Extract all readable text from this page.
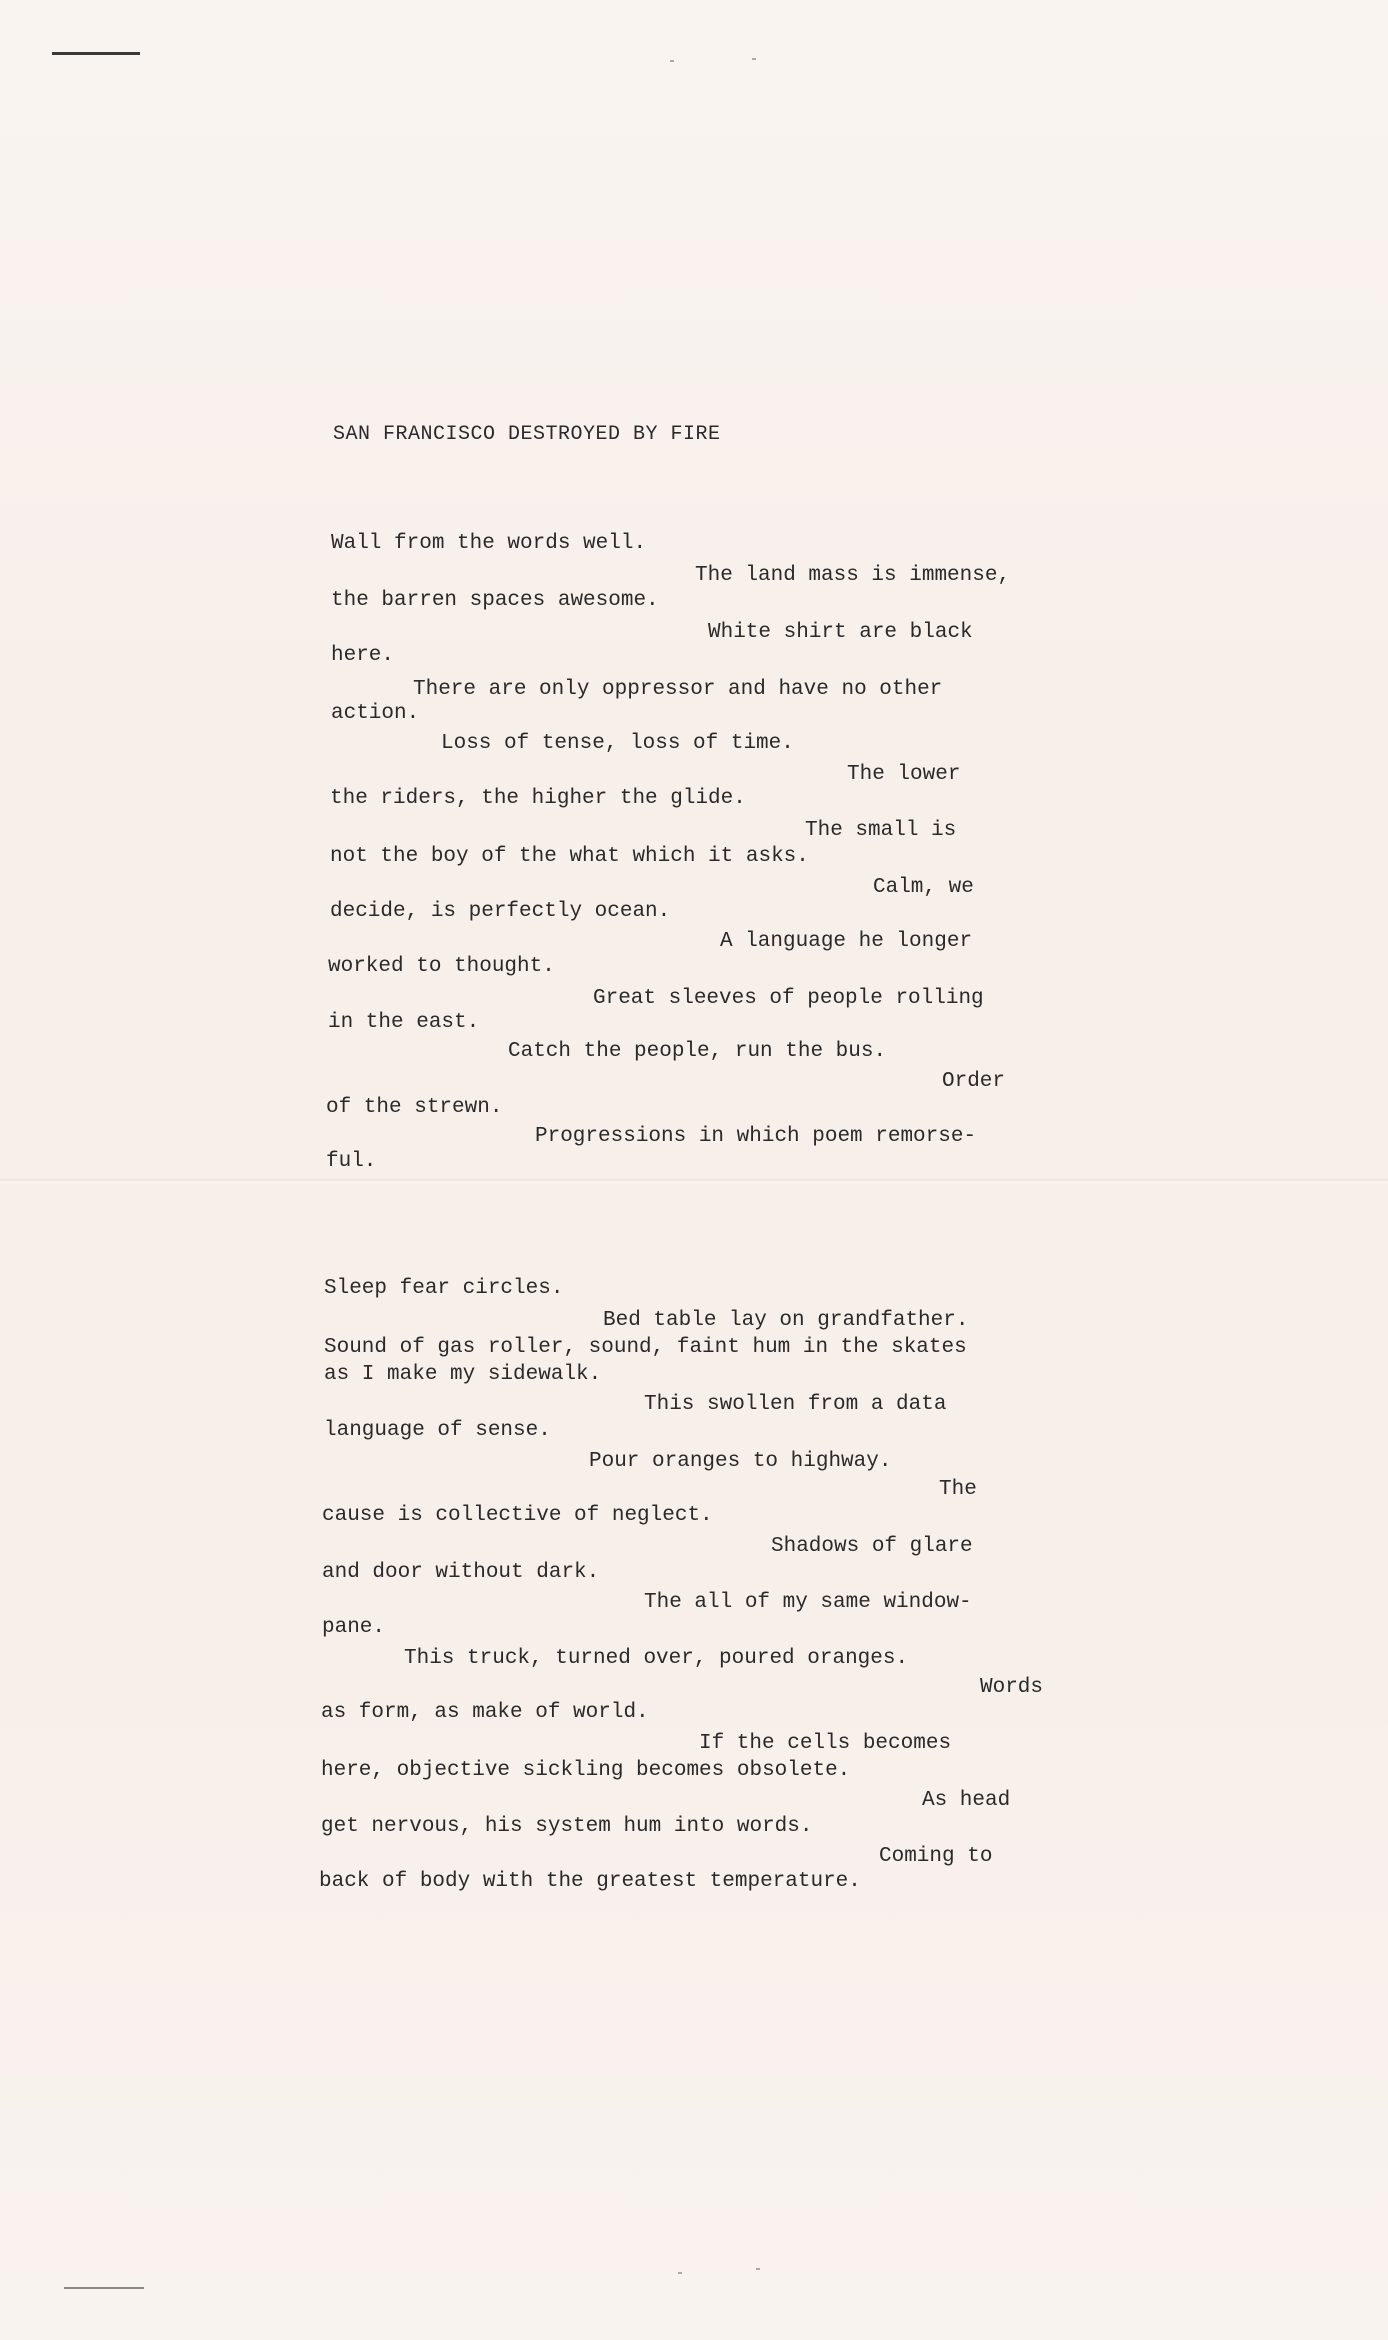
SAN FRANCISCO DESTROYED BY FIRE
Wall from the words well.
The land mass is immense,
the barren spaces awesome.
White shirt are black
here.
There are only oppressor and have no other
action.
Loss of tense, loss of time.
The lower
the riders, the higher the glide.
The small is
not the boy of the what which it asks.
Calm, we
decide, is perfectly ocean.
A language he longer
worked to thought.
Great sleeves of people rolling
in the east.
Catch the people, run the bus.
Order
of the strewn.
Progressions in which poem remorse-
ful.
Sleep fear circles.
Bed table lay on grandfather.
Sound of gas roller, sound, faint hum in the skates
as I make my sidewalk.
This swollen from a data
language of sense.
Pour oranges to highway.
The
cause is collective of neglect.
Shadows of glare
and door without dark.
The all of my same window-
pane.
This truck, turned over, poured oranges.
Words
as form, as make of world.
If the cells becomes
here, objective sickling becomes obsolete.
As head
get nervous, his system hum into words.
Coming to
back of body with the greatest temperature.
